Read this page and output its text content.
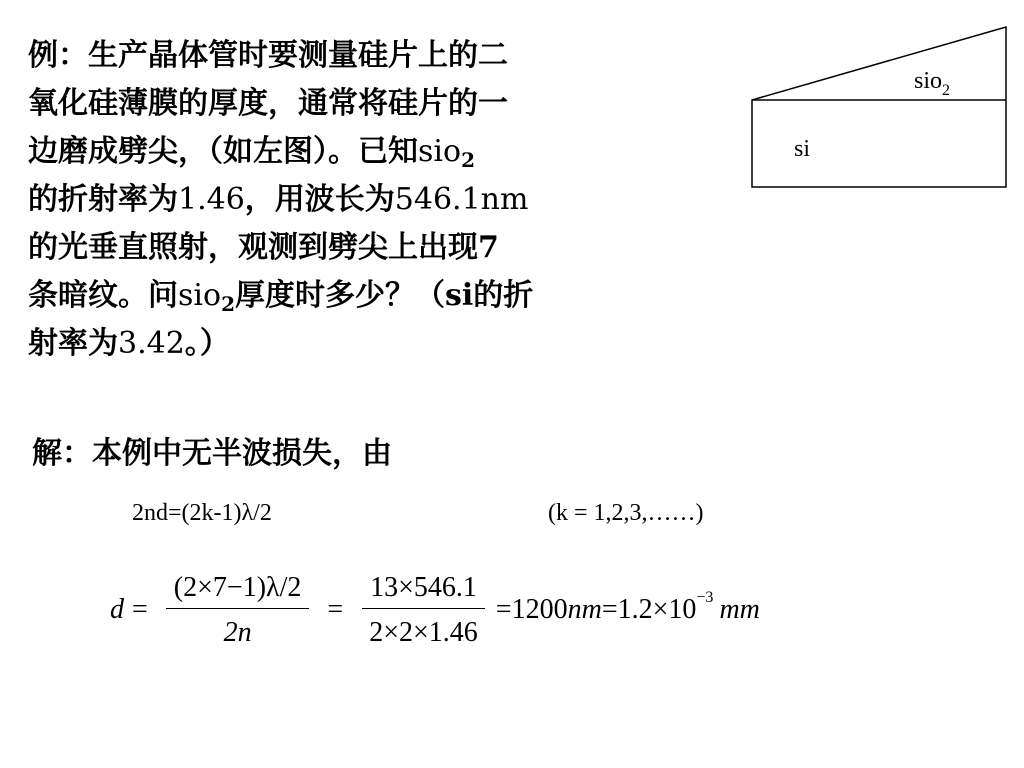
例：生产晶体管时要测量硅片上的二
氧化硅薄膜的厚度，通常将硅片的一
边磨成劈尖，（如左图）。已知sio$_2$
的折射率为1.46，用波长为546.1nm
的光垂直照射，观测到劈尖上出现7
条暗纹。问sio$_2$厚度时多少？（si的折
射率为3.42。）
sio$_2$
si
解：本例中无半波损失，由
2nd=(2k-1)λ/2	(k = 1,2,3,……)
$d = \frac{(2\times 7-1)\lambda/2}{2n} = \frac{13\times 546.1}{2\times 2\times 1.46} =1200$ nm =1.2×10 −3 mm
